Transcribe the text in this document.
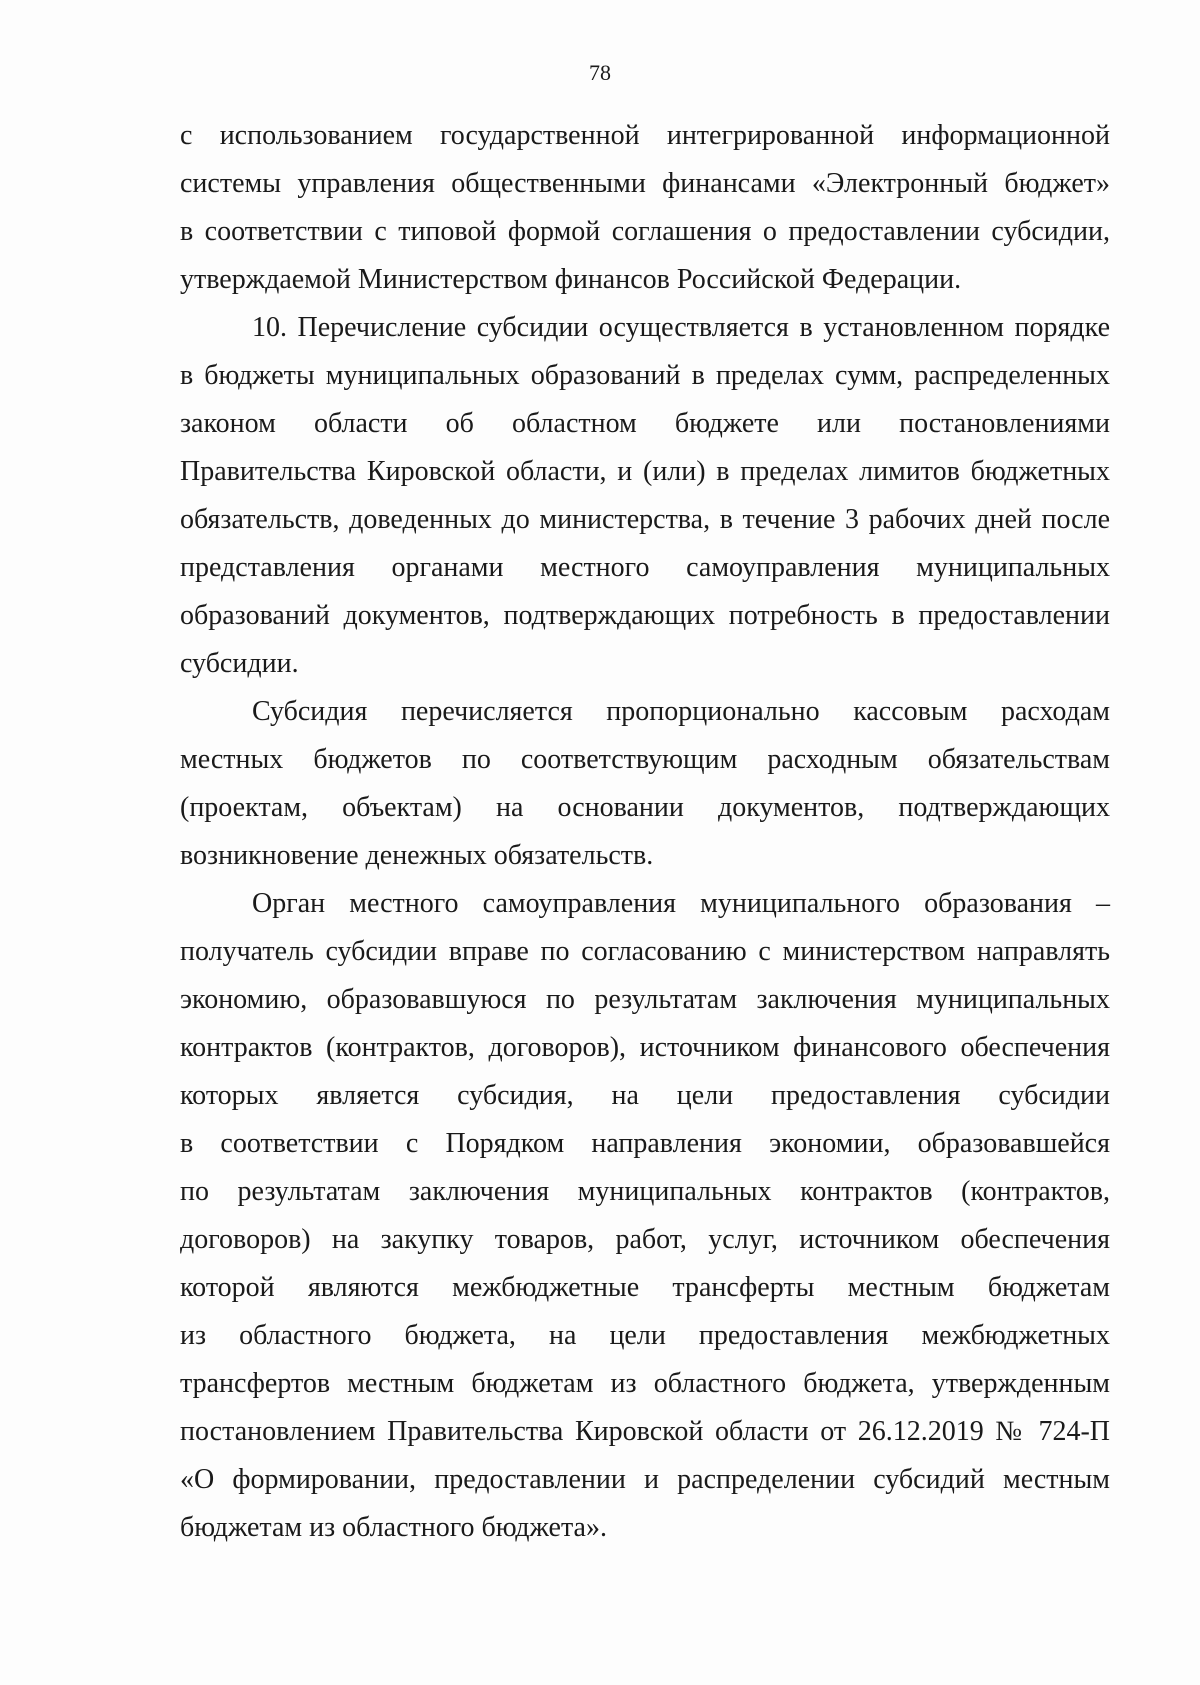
78
с использованием государственной интегрированной информационной
системы управления общественными финансами «Электронный бюджет»
в соответствии с типовой формой соглашения о предоставлении субсидии,
утверждаемой Министерством финансов Российской Федерации.
10. Перечисление субсидии осуществляется в установленном порядке
в бюджеты муниципальных образований в пределах сумм, распределенных
законом области об областном бюджете или постановлениями
Правительства Кировской области, и (или) в пределах лимитов бюджетных
обязательств, доведенных до министерства, в течение 3 рабочих дней после
представления органами местного самоуправления муниципальных
образований документов, подтверждающих потребность в предоставлении
субсидии.
Субсидия перечисляется пропорционально кассовым расходам
местных бюджетов по соответствующим расходным обязательствам
(проектам, объектам) на основании документов, подтверждающих
возникновение денежных обязательств.
Орган местного самоуправления муниципального образования –
получатель субсидии вправе по согласованию с министерством направлять
экономию, образовавшуюся по результатам заключения муниципальных
контрактов (контрактов, договоров), источником финансового обеспечения
которых является субсидия, на цели предоставления субсидии
в соответствии с Порядком направления экономии, образовавшейся
по результатам заключения муниципальных контрактов (контрактов,
договоров) на закупку товаров, работ, услуг, источником обеспечения
которой являются межбюджетные трансферты местным бюджетам
из областного бюджета, на цели предоставления межбюджетных
трансфертов местным бюджетам из областного бюджета, утвержденным
постановлением Правительства Кировской области от 26.12.2019 № 724-П
«О формировании, предоставлении и распределении субсидий местным
бюджетам из областного бюджета».
